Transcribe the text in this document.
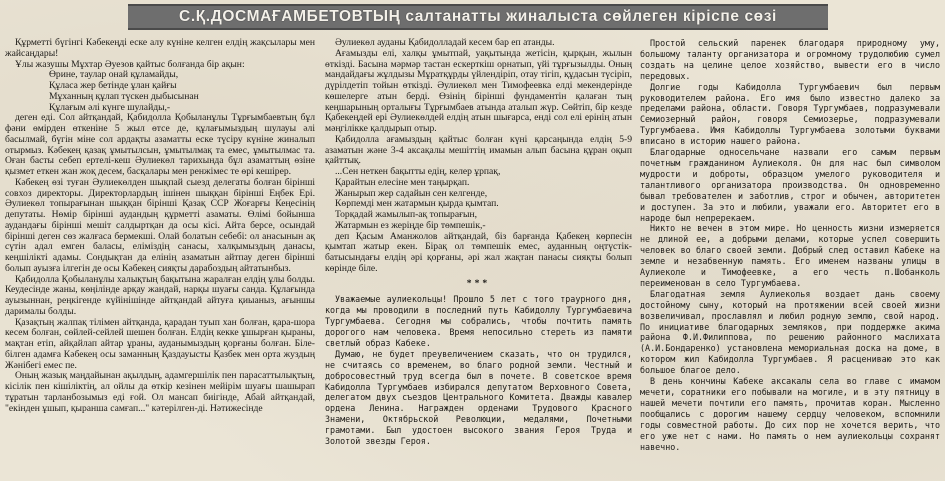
С.Қ.ДОСМАҒАМБЕТОВТЫҢ салтанатты жиналыста сөйлеген кіріспе сөзі

Құрметті бүгінгі Кәбекеңді еске алу күніне келген елдің жақсылары мен жайсаңдары!

Ұлы жазушы Мұхтар Әуезов қайтыс болғанда бір ақын:

Өрине, таулар онай құламайды,

Құласа жер бетінде ұлан қайғы

Мұханның құлап түскен дыбысынан

Құлағым әлі күнге шулайды,-

деген еді. Сол айтқандай, Қабидолла Қобыланұлы Тұрғымбаевтың бұл фәни өмірден өткеніне 5 жыл өтсе де, құлағымыздың шулауы әлі басылмай, бүгін міне сол ардақты азаматты еске түсіру күніне жиналып отырмыз. Кәбекең қазақ ұмытылсын, ұмытылмақ та емес, ұмытылмас та. Оған басты себеп ертелі-кеш Әулиекөл тарихында бұл азаматтың өзіне қызмет еткен жан жоқ десем, басқалары мен ренжімес те өрі кешірер.

Кәбекең өзі туған Әулиекөлден шықпай сыезд делегаты болған бірінші совхоз директоры. Директорлардың ішінен шыққан бірінші Еңбек Ері. Әулиекөл топырағынан шыққан бірінші Қазақ ССР Жоғарғы Кеңесінің депутаты. Нөмір бірінші аудандың құрметті азаматы. Өлімі бойынша аудандағы бірінші мешіт салдыртқан да осы кісі. Айта берсе, осындай бірінші деген сөз жалғаса бермекші. Олай болатын себебі: ол анасынын ақ сүтін адал емген баласы, елімiздің санасы, халқымыздың данасы, кеңшілікті адамы. Сондықтан да елінің азаматын айтпау деген бірінші болып ауызға ілгегін де осы Кәбекең сияқты дарабоздың айтатынбыз.

Қабидолла Қобыланұлы халықтың бақытына жаралған елдің ұлы болды. Кеудесінде жаны, көңілінде арқау жандай, нарқы шуағы санда. Құлағында ауызыннан, реңкiгенде күйiнiшiнде айтқандай айтуға қиыаныз, ағыншы дарималы болды.

Қазақтың жалпақ тілiмен айтқанда, қарадан туып хан болған, қара-шора кесем болған, сөйлей-сейлей шешен болған. Елдің кекке ұшырған қыраны, мақтан етіп, айқайлап айтар ұраны, ауданымыздың қорғаны болған. Біле-білген адамға Кәбекең осы заманның Қаздауысты Қазбек мен орта жуздың Жәнібегі емес пе.

Оның жазық маңдайынан ақылдың, адамгершілік пен парасаттылықтың, кісілік пен кішіліктің, ал ойлы да өткір кезінен мейірім шуағы шашырап тұратын тарланбозымыз еді ғой. Ол мансап биігінде, Абай айтқандай, "екінден ұшып, қыранша самғап..." кәтерілген-ді. Нәтижесінде

Әулиекөл ауданы Қабидолладай кесем бар еп атанды.

Ағамызды елі, халқы ұмытпай, уақытында жетісін, қырқын, жылын өткізді. Басына мәрмәр тастан ескерткіш орнатып, үйі тұрғызылды. Оның мандайдағы жұлдызы Мұратқұрды үйлендіріп, отау тігіп, құдасын түсіріп, дүрілдетіп тойын өткізді. Әулиекөл мен Тимофеевка елді мекендерінде көшелерге атын берді. Өзінің бірінші фундаментін қалаған тың кеңшарының орталығы Тұрғымбаев атында аталып жүр. Сөйтіп, бір кезде Қабекеңдей ері Әулиекөлдей елдің атын шығарса, енді сол елі ерінің атын мәңгілікке қалдырып отыр.

Қабидолла ағамыздың қайтыс болған күні қарсаңында елдің 5-9 азаматын және 3-4 аксақалы мешіттің имамын алып басына құран оқып қайттық.

...Сен неткен бақытты едің, келер ұрпақ,

Қарайтын елесіне мен таңырқап.

Жанырып жер садайын сен келгенде,

Көрпемді мен жатармын қырда қымтап.

Торқадай жамылып-ақ топырағын,

Жатармын ез жеріңде бір төмпешік,-

деп Қасым Аманжолов айтқандай, біз барғанда Қабекең көрпесін қымтап жатыр екен. Бірақ ол төмпешік емес, ауданның оңтүстік-батысындағы елдің әрі қорғаны, әрі жал жақтан панасы сияқты болып көрінде біле.

***

Уважаемые аулиекольцы! Прошло 5 лет с того траурного дня, когда мы проводили в последний путь Кабидоллу Тургумбаевича Тургумбаева. Сегодня мы собрались, чтобы почтить память дорогого нам человека. Время непосильно стереть из памяти светлый образ Кабеке.

Думаю, не будет преувеличением сказать, что он трудился, не считаясь со временем, во благо родной земли. Честный и добросовестный труд всегда был в почете. В советское время Кабидолла Тургумбаев избирался депутатом Верховного Совета, делегатом двух съездов Центрального Комитета. Дважды кавалер ордена Ленина. Награжден орденами Трудового Красного Знамени, Октябрьской Революции, медалями, Почетными грамотами. Был удостоен высокого звания Героя Труда и Золотой звезды Героя.

Простой сельский паренек благодаря природному уму, большому таланту организатора и огромному трудолюбию сумел создать на целине целое хозяйство, вывести его в число передовых.

Долгие годы Кабидолла Тургумбаевич был первым руководителем района. Его имя было известно далеко за пределами района, области. Говоря Тургумбаев, подразумевали Семиозерный район, говоря Семиозерье, подразумевали Тургумбаева. Имя Кабидоллы Тургумбаева золотыми буквами вписано в историю нашего района.

Благодарные односельчане назвали его самым первым почетным гражданином Аулиеколя. Он для нас был символом мудрости и доброты, образцом умелого руководителя и талантливого организатора производства. Он одновременно бывал требователен и заботлив, строг и обычен, авторитетен и доступен. За это и любили, уважали его. Авторитет его в народе был непререкаем.

Никто не вечен в этом мире. Но ценность жизни измеряется не длиной ее, а добрыми делами, которые успел совершить человек во благо своей земли. Добрый след оставил Кабеке на земле и незабвенную память. Его именем названы улицы в Аулиеколе и Тимофеевке, а его честь п.Шобанколь переименован в село Тургумбаева.

Благодатная земля Аулиеколья воздает дань своему достойному сыну, который на протяжении всей своей жизни возвеличивал, прославлял и любил родную землю, свой народ. По инициативе благодарных земляков, при поддержке акима района Ф.И.Филиппова, по решению районного маслихата (А.И.Бондаренко) установлена мемориальная доска на доме, в котором жил Кабидолла Тургумбаев. Я расцениваю это как большое благое дело.

В день кончины Кабеке аксакалы села во главе с имамом мечети, соратники его побывали на могиле, и в эту пятницу в нашей мечети почтили его память, прочитав коран. Мысленно пообщались с дорогим нашему сердцу человеком, вспомнили годы совместной работы. До сих пор не хочется верить, что его уже нет с нами. Но память о нем аулиекольцы сохранят навечно.
